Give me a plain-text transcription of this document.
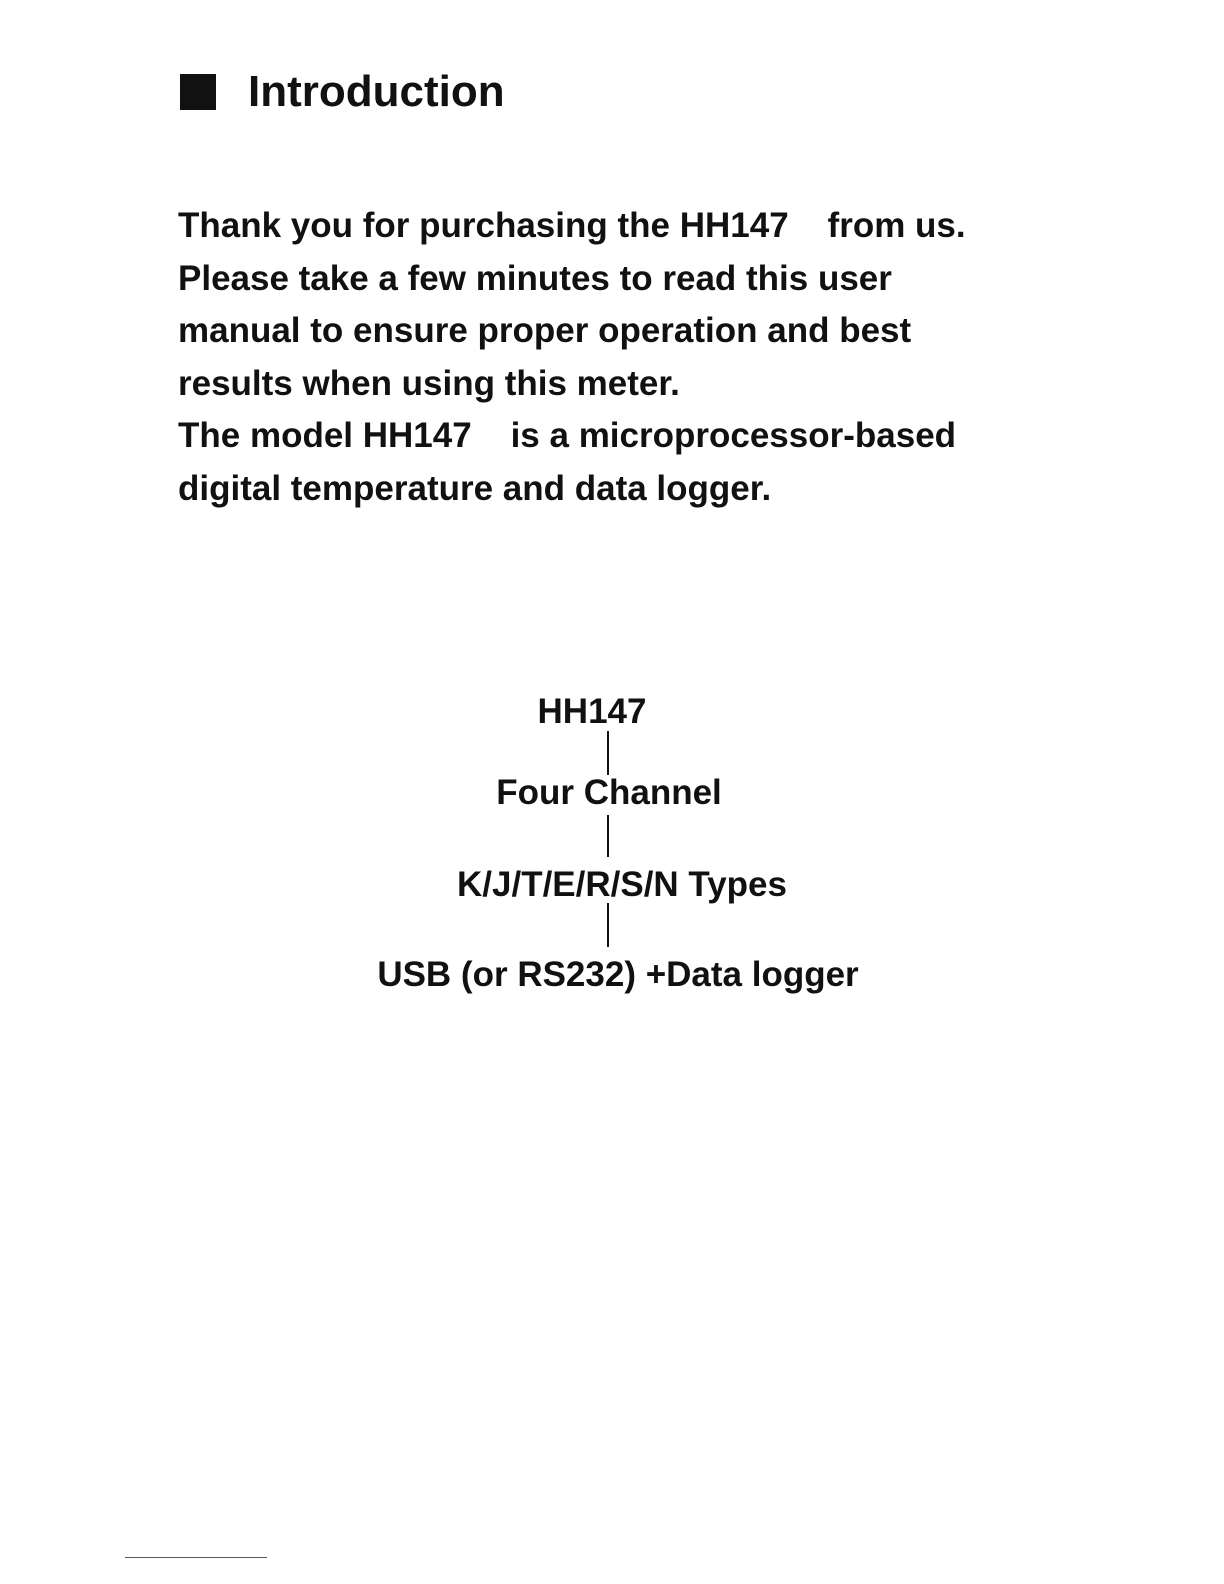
Introduction
Thank you for purchasing the HH147    from us.
Please take a few minutes to read this user
manual to ensure proper operation and best
results when using this meter.
The model HH147    is a microprocessor-based
digital temperature and data logger.
HH147
Four Channel
K/J/T/E/R/S/N Types
USB (or RS232) +Data logger
